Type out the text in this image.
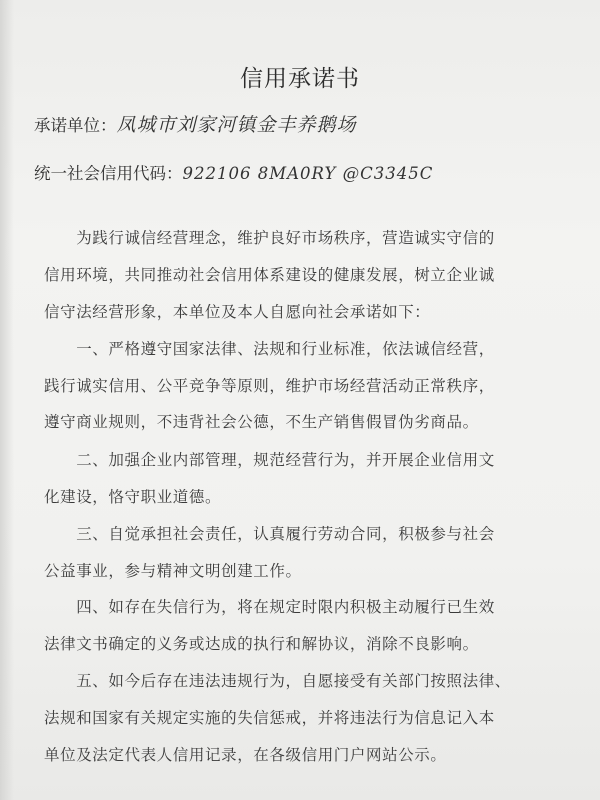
信用承诺书
承诺单位：凤城市刘家河镇金丰养鹅场
统一社会信用代码：922106 8MA0RY @C3345C
　　为践行诚信经营理念，维护良好市场秩序，营造诚实守信的
信用环境，共同推动社会信用体系建设的健康发展，树立企业诚
信守法经营形象，本单位及本人自愿向社会承诺如下：
　　一、严格遵守国家法律、法规和行业标准，依法诚信经营，
践行诚实信用、公平竞争等原则，维护市场经营活动正常秩序，
遵守商业规则，不违背社会公德，不生产销售假冒伪劣商品。
　　二、加强企业内部管理，规范经营行为，并开展企业信用文
化建设，恪守职业道德。
　　三、自觉承担社会责任，认真履行劳动合同，积极参与社会
公益事业，参与精神文明创建工作。
　　四、如存在失信行为，将在规定时限内积极主动履行已生效
法律文书确定的义务或达成的执行和解协议，消除不良影响。
　　五、如今后存在违法违规行为，自愿接受有关部门按照法律、
法规和国家有关规定实施的失信惩戒，并将违法行为信息记入本
单位及法定代表人信用记录，在各级信用门户网站公示。
